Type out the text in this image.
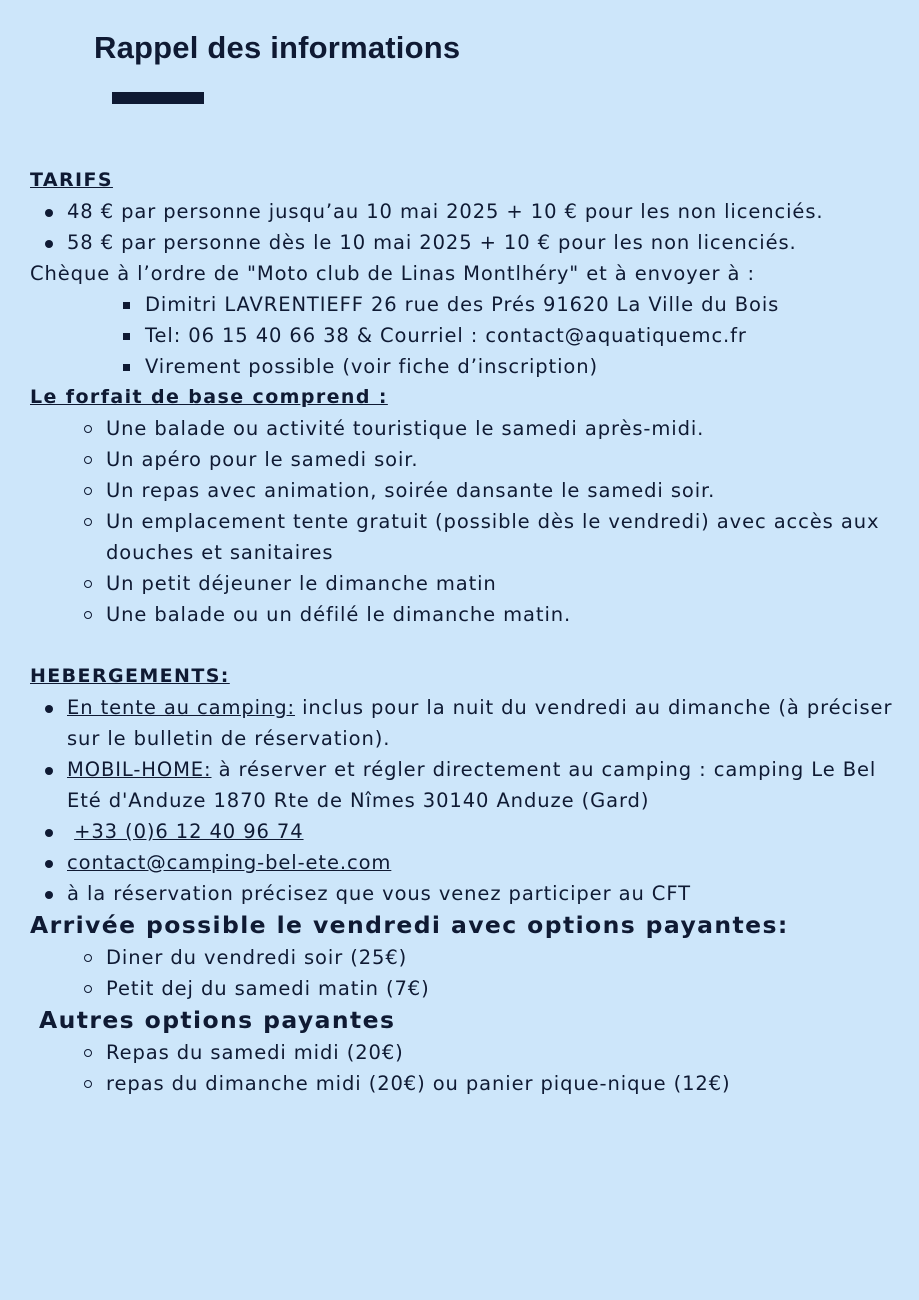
Rappel des informations

TARIFS

48 € par personne jusqu’au 10 mai 2025 + 10 € pour les non licenciés.
58 € par personne dès le 10 mai 2025 + 10 € pour les non licenciés.

Chèque à l’ordre de "Moto club de Linas Montlhéry" et à envoyer à :

Dimitri LAVRENTIEFF 26 rue des Prés 91620 La Ville du Bois
Tel: 06 15 40 66 38 & Courriel : contact@aquatiquemc.fr
Virement possible (voir fiche d’inscription)

Le forfait de base comprend :

Une balade ou activité touristique le samedi après-midi.
Un apéro pour le samedi soir.
Un repas avec animation, soirée dansante le samedi soir.
Un emplacement tente gratuit (possible dès le vendredi) avec accès aux douches et sanitaires
Un petit déjeuner le dimanche matin
Une balade ou un défilé le dimanche matin.

HEBERGEMENTS:

En tente au camping: inclus pour la nuit du vendredi au dimanche (à préciser sur le bulletin de réservation).
MOBIL-HOME: à réserver et régler directement au camping : camping Le Bel Eté d'Anduze 1870 Rte de Nîmes 30140 Anduze (Gard)
+33 (0)6 12 40 96 74
contact@camping-bel-ete.com
à la réservation précisez que vous venez participer au CFT

Arrivée possible le vendredi avec options payantes:

Diner du vendredi soir (25€)
Petit dej du samedi matin (7€)

Autres options payantes

Repas du samedi midi (20€)
repas du dimanche midi (20€) ou panier pique-nique (12€)
